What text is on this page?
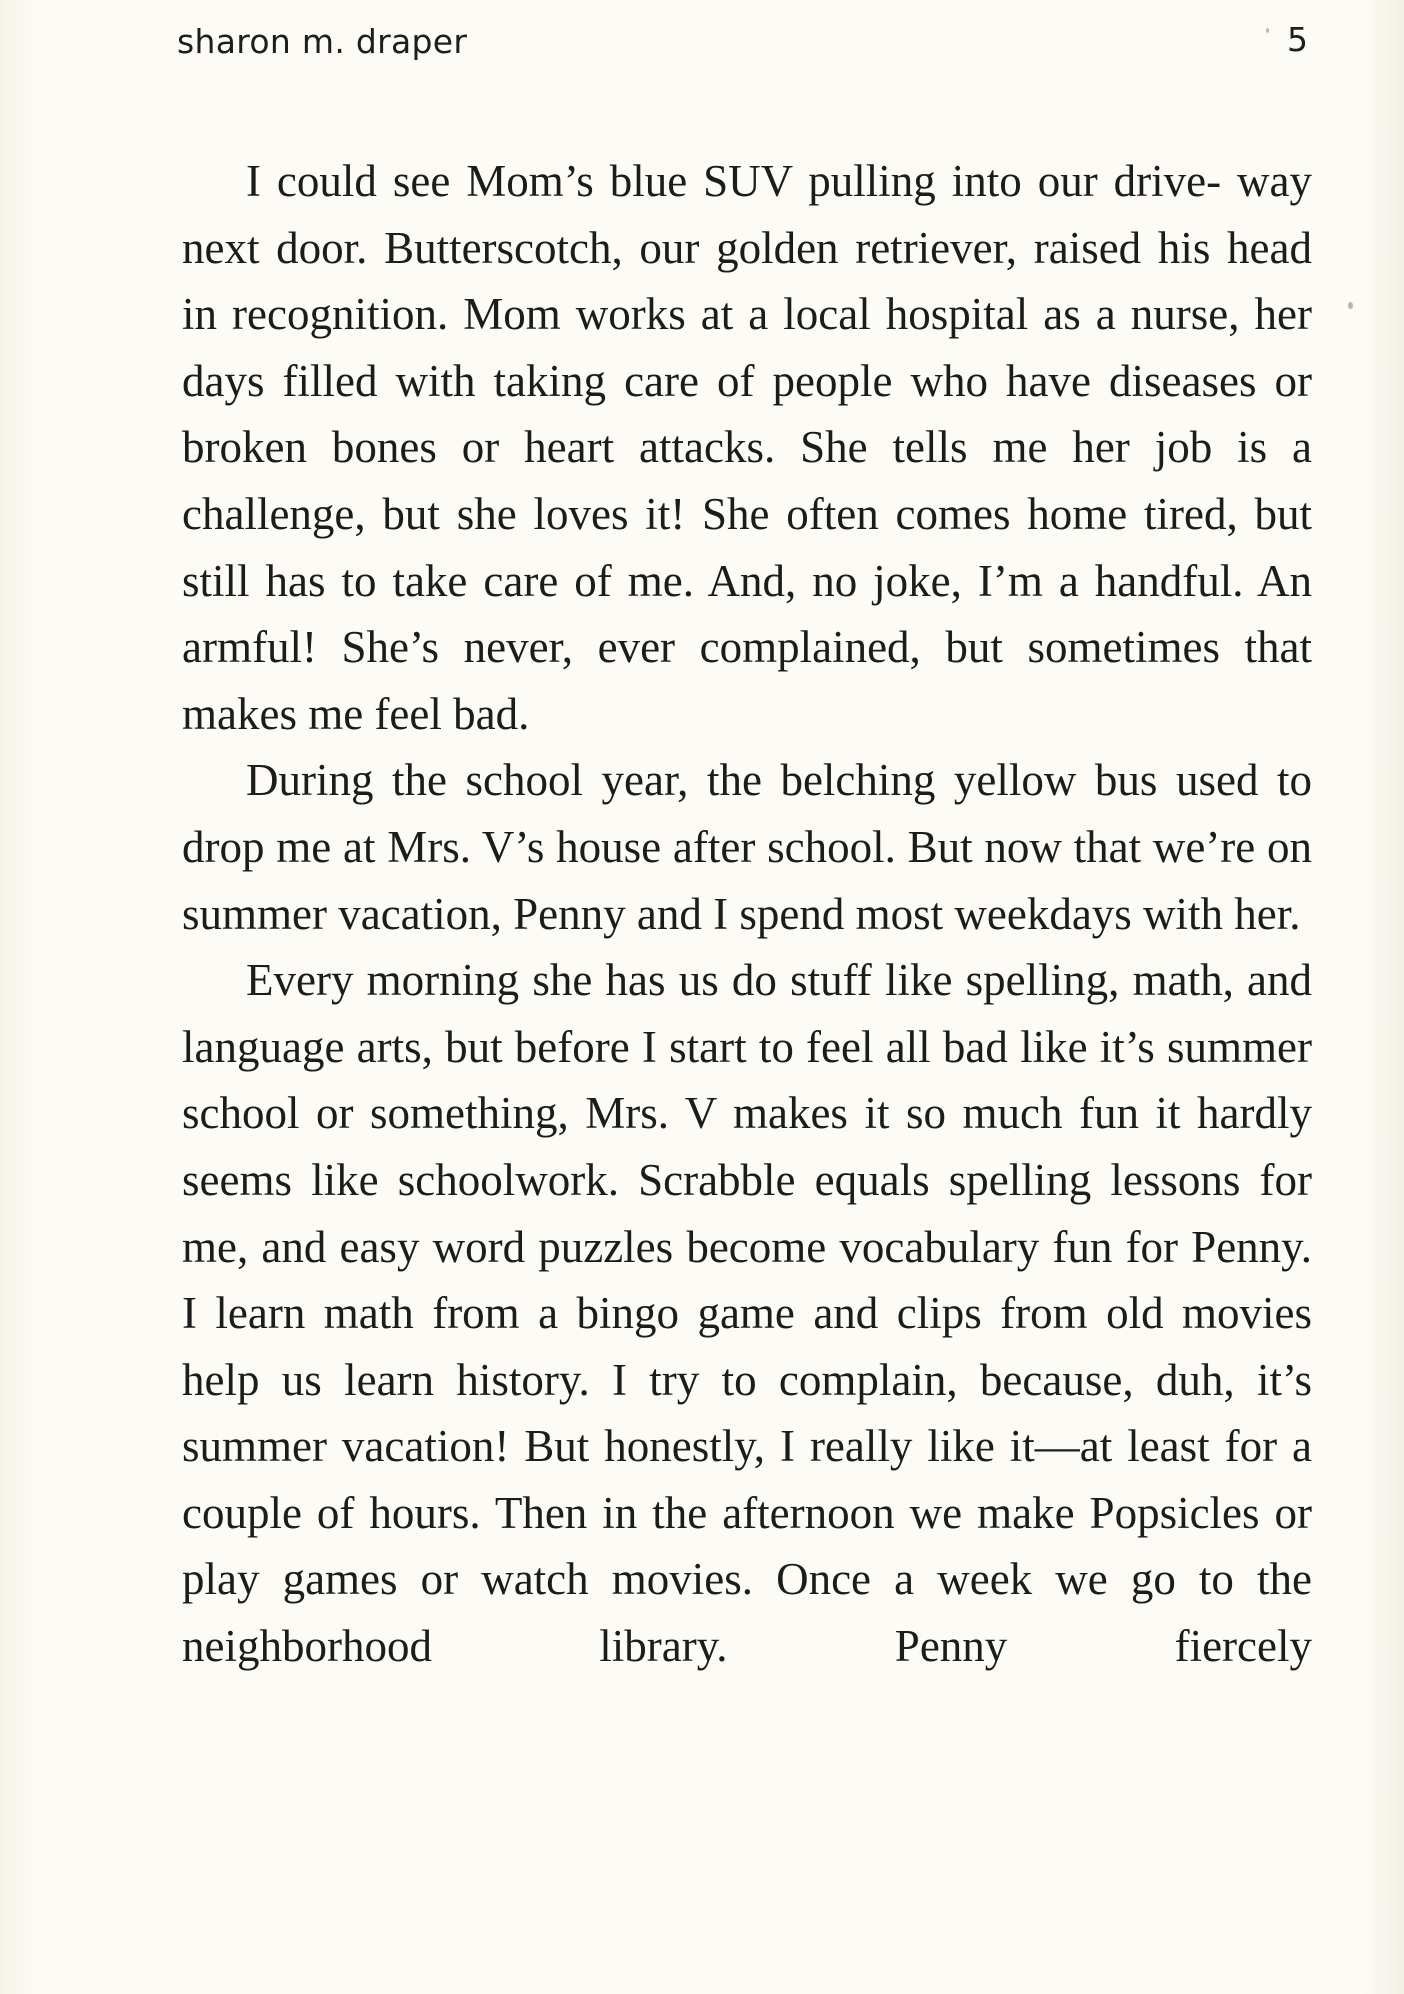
sharon m. draper	5

I could see Mom’s blue SUV pulling into our drive- way next door. Butterscotch, our golden retriever, raised his head in recognition. Mom works at a local hospital as a nurse, her days filled with taking care of people who have diseases or broken bones or heart attacks. She tells me her job is a challenge, but she loves it! She often comes home tired, but still has to take care of me. And, no joke, I’m a handful. An armful! She’s never, ever complained, but sometimes that makes me feel bad.

During the school year, the belching yellow bus used to drop me at Mrs. V’s house after school. But now that we’re on summer vacation, Penny and I spend most weekdays with her.

Every morning she has us do stuff like spelling, math, and language arts, but before I start to feel all bad like it’s summer school or something, Mrs. V makes it so much fun it hardly seems like schoolwork. Scrabble equals spelling lessons for me, and easy word puzzles become vocabulary fun for Penny. I learn math from a bingo game and clips from old movies help us learn history. I try to complain, because, duh, it’s summer vacation! But honestly, I really like it—at least for a couple of hours. Then in the afternoon we make Popsicles or play games or watch movies. Once a week we go to the neighborhood library. Penny fiercely
